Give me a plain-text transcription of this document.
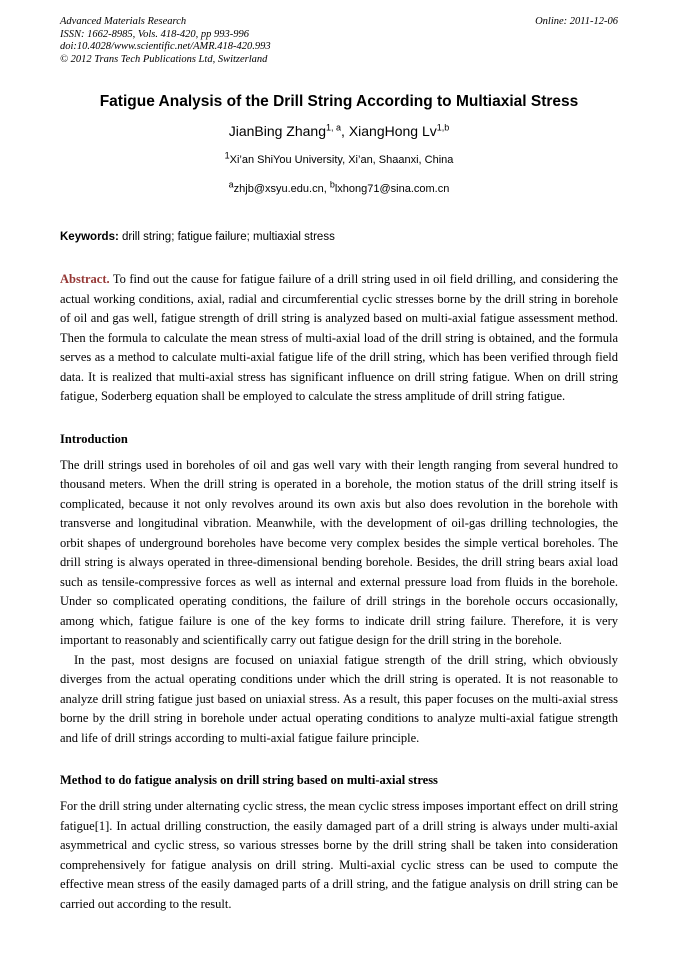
Advanced Materials Research
ISSN: 1662-8985, Vols. 418-420, pp 993-996
doi:10.4028/www.scientific.net/AMR.418-420.993
© 2012 Trans Tech Publications Ltd, Switzerland
Online: 2011-12-06
Fatigue Analysis of the Drill String According to Multiaxial Stress
JianBing Zhang$^{1, a}$, XiangHong Lv$^{1,b}$
$^1$Xi’an ShiYou University, Xi’an, Shaanxi, China
$^a$zhjb@xsyu.edu.cn, $^b$lxhong71@sina.com.cn
Keywords: drill string; fatigue failure; multiaxial stress

Abstract. To find out the cause for fatigue failure of a drill string used in oil field drilling, and considering the actual working conditions, axial, radial and circumferential cyclic stresses borne by the drill string in borehole of oil and gas well, fatigue strength of drill string is analyzed based on multi-axial fatigue assessment method. Then the formula to calculate the mean stress of multi-axial load of the drill string is obtained, and the formula serves as a method to calculate multi-axial fatigue life of the drill string, which has been verified through field data. It is realized that multi-axial stress has significant influence on drill string fatigue. When on drill string fatigue, Soderberg equation shall be employed to calculate the stress amplitude of drill string fatigue.

Introduction

The drill strings used in boreholes of oil and gas well vary with their length ranging from several hundred to thousand meters. When the drill string is operated in a borehole, the motion status of the drill string itself is complicated, because it not only revolves around its own axis but also does revolution in the borehole with transverse and longitudinal vibration. Meanwhile, with the development of oil-gas drilling technologies, the orbit shapes of underground boreholes have become very complex besides the simple vertical boreholes. The drill string is always operated in three-dimensional bending borehole. Besides, the drill string bears axial load such as tensile-compressive forces as well as internal and external pressure load from fluids in the borehole. Under so complicated operating conditions, the failure of drill strings in the borehole occurs occasionally, among which, fatigue failure is one of the key forms to indicate drill string failure. Therefore, it is very important to reasonably and scientifically carry out fatigue design for the drill string in the borehole.

In the past, most designs are focused on uniaxial fatigue strength of the drill string, which obviously diverges from the actual operating conditions under which the drill string is operated. It is not reasonable to analyze drill string fatigue just based on uniaxial stress. As a result, this paper focuses on the multi-axial stress borne by the drill string in borehole under actual operating conditions to analyze multi-axial fatigue strength and life of drill strings according to multi-axial fatigue failure principle.

Method to do fatigue analysis on drill string based on multi-axial stress

For the drill string under alternating cyclic stress, the mean cyclic stress imposes important effect on drill string fatigue[1]. In actual drilling construction, the easily damaged part of a drill string is always under multi-axial asymmetrical and cyclic stress, so various stresses borne by the drill string shall be taken into consideration comprehensively for fatigue analysis on drill string. Multi-axial cyclic stress can be used to compute the effective mean stress of the easily damaged parts of a drill string, and the fatigue analysis on drill string can be carried out according to the result.
